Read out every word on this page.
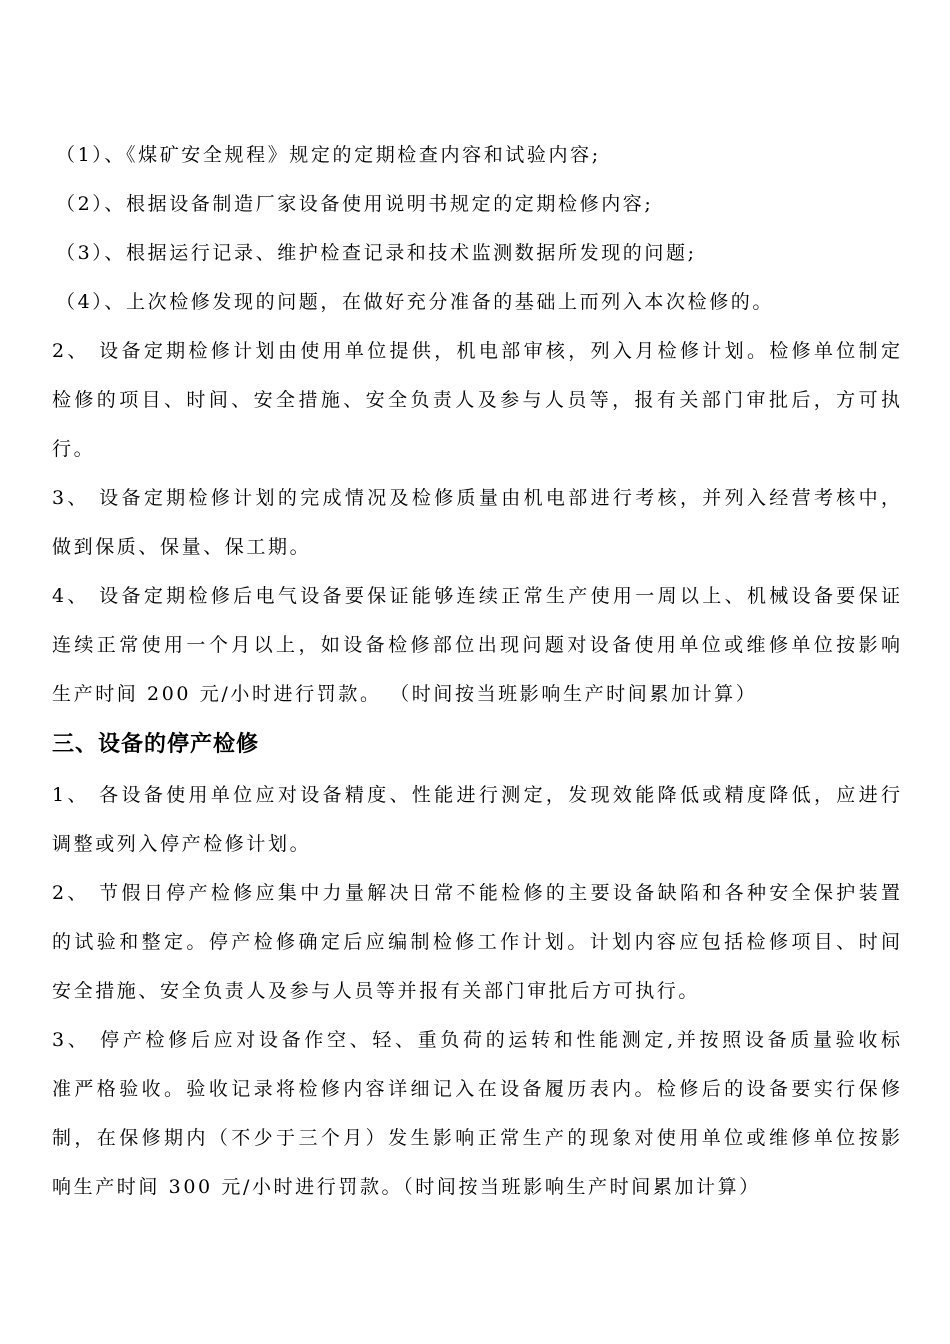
（1）、《煤矿安全规程》规定的定期检查内容和试验内容;
（2）、根据设备制造厂家设备使用说明书规定的定期检修内容;
（3）、根据运行记录、维护检查记录和技术监测数据所发现的问题;
（4）、上次检修发现的问题，在做好充分准备的基础上而列入本次检修的。
2、 设备定期检修计划由使用单位提供，机电部审核，列入月检修计划。检修单位制定
检修的项目、时间、安全措施、安全负责人及参与人员等，报有关部门审批后，方可执
行。
3、 设备定期检修计划的完成情况及检修质量由机电部进行考核，并列入经营考核中，
做到保质、保量、保工期。
4、 设备定期检修后电气设备要保证能够连续正常生产使用一周以上、机械设备要保证
连续正常使用一个月以上，如设备检修部位出现问题对设备使用单位或维修单位按影响
生产时间 200 元/小时进行罚款。 （时间按当班影响生产时间累加计算）
三、设备的停产检修
1、 各设备使用单位应对设备精度、性能进行测定，发现效能降低或精度降低，应进行
调整或列入停产检修计划。
2、 节假日停产检修应集中力量解决日常不能检修的主要设备缺陷和各种安全保护装置
的试验和整定。停产检修确定后应编制检修工作计划。计划内容应包括检修项目、时间
安全措施、安全负责人及参与人员等并报有关部门审批后方可执行。
3、 停产检修后应对设备作空、轻、重负荷的运转和性能测定,并按照设备质量验收标
准严格验收。验收记录将检修内容详细记入在设备履历表内。检修后的设备要实行保修
制，在保修期内（不少于三个月）发生影响正常生产的现象对使用单位或维修单位按影
响生产时间 300 元/小时进行罚款。（时间按当班影响生产时间累加计算）
